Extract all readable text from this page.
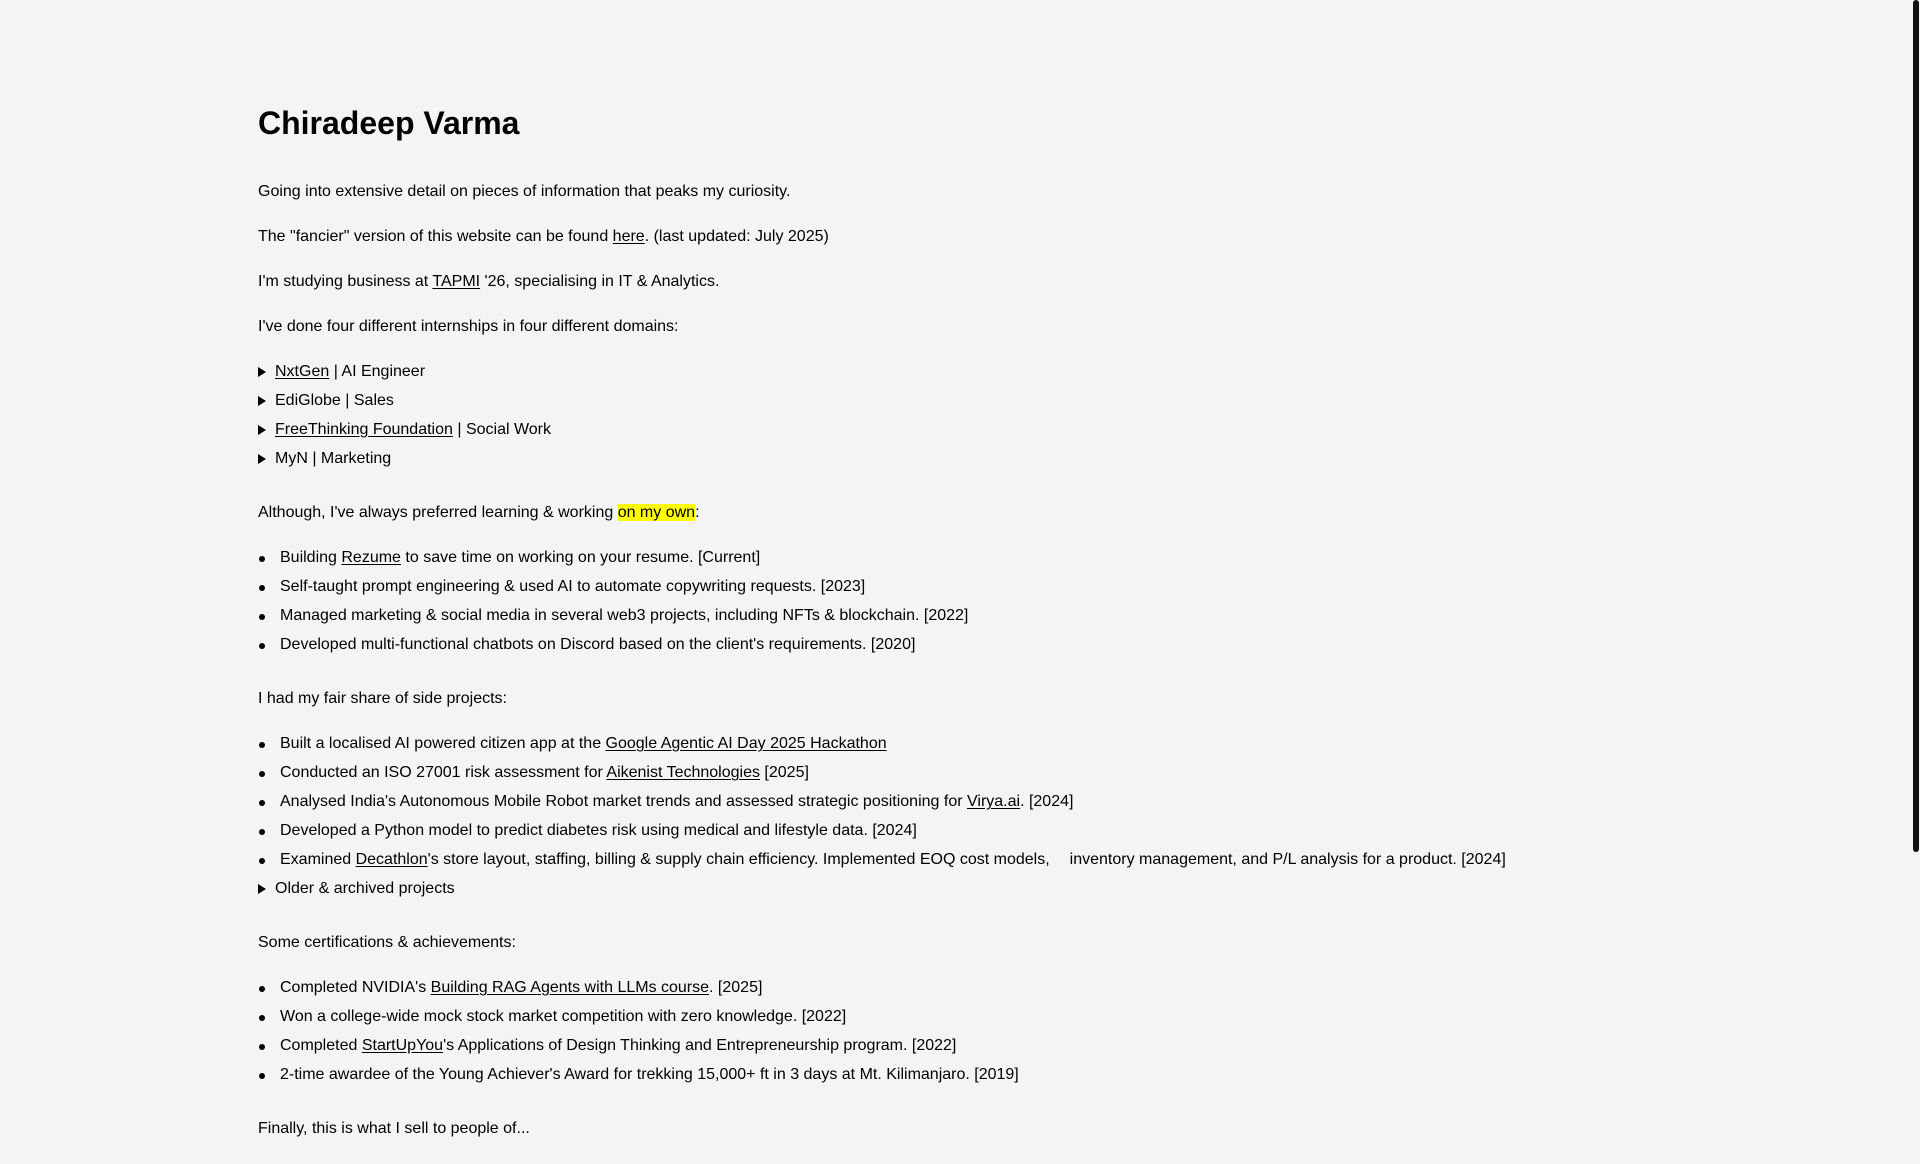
Chiradeep Varma

Going into extensive detail on pieces of information that peaks my curiosity.

The "fancier" version of this website can be found here. (last updated: July 2025)

I'm studying business at TAPMI '26, specialising in IT & Analytics.

I've done four different internships in four different domains:

NxtGen | AI Engineer
EdiGlobe | Sales
FreeThinking Foundation | Social Work
MyN | Marketing

Although, I've always preferred learning & working on my own:

Building Rezume to save time on working on your resume. [Current]
Self-taught prompt engineering & used AI to automate copywriting requests. [2023]
Managed marketing & social media in several web3 projects, including NFTs & blockchain. [2022]
Developed multi-functional chatbots on Discord based on the client's requirements. [2020]

I had my fair share of side projects:

Built a localised AI powered citizen app at the Google Agentic AI Day 2025 Hackathon
Conducted an ISO 27001 risk assessment for Aikenist Technologies [2025]
Analysed India's Autonomous Mobile Robot market trends and assessed strategic positioning for Virya.ai. [2024]
Developed a Python model to predict diabetes risk using medical and lifestyle data. [2024]
Examined Decathlon's store layout, staffing, billing & supply chain efficiency. Implemented EOQ cost models, inventory management, and P/L analysis for a product. [2024]
Older & archived projects

Some certifications & achievements:

Completed NVIDIA's Building RAG Agents with LLMs course. [2025]
Won a college-wide mock stock market competition with zero knowledge. [2022]
Completed StartUpYou's Applications of Design Thinking and Entrepreneurship program. [2022]
2-time awardee of the Young Achiever's Award for trekking 15,000+ ft in 3 days at Mt. Kilimanjaro. [2019]

Finally, this is what I sell to people of...
